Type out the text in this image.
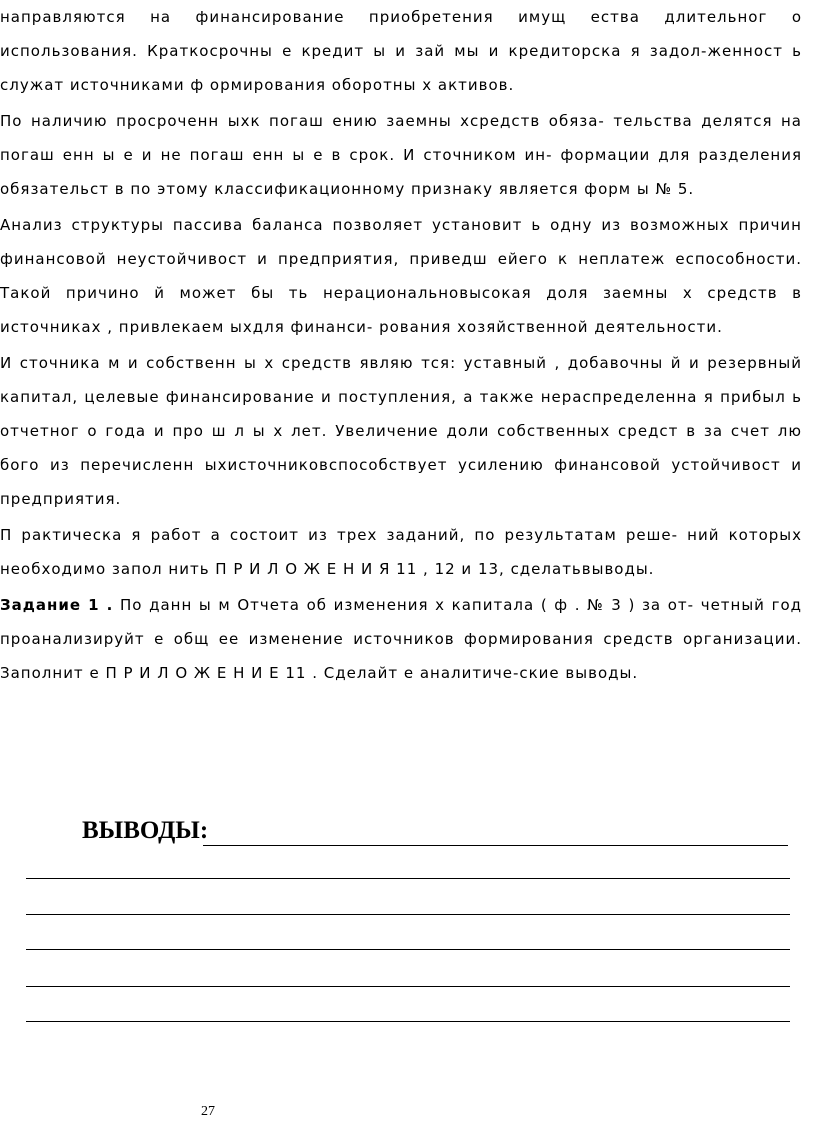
направляются на финансирование приобретения имущ ества длительног о использования. Краткосрочны е кредит ы и зай мы и кредиторска я задол-женност ь служат источниками ф ормирования оборотны х активов.

По наличию просроченн ыхк погаш ению заемны хсредств обяза- тельства делятся на погаш енн ы е и не погаш енн ы е в срок. И сточником ин- формации для разделения обязательст в по этому классификационному признаку является форм ы № 5.

Анализ структуры пассива баланса позволяет установит ь одну из возможных причин финансовой неустойчивост и предприятия, приведш ейего к неплатеж еспособности. Такой причино й может бы ть нерациональновысокая доля заемны х средств в источниках , привлекаем ыхдля финанси- рования хозяйственной деятельности.

И сточника м и собственн ы х средств являю тся: уставный , добавочны й и резервный капитал, целевые финансирование и поступления, а также нераспределенна я прибыл ь отчетног о года и про ш л ы х лет. Увеличение доли собственных средст в за счет лю бого из перечисленн ыхисточниковспособствует усилению финансовой устойчивост и предприятия.

П рактическа я работ а состоит из трех заданий, по результатам реше- ний которых необходимо запол нить П Р И Л О Ж Е Н И Я 11 , 12 и 13, сделатьвыводы.

Задание 1 . По данн ы м Отчета об изменения х капитала ( ф . № 3 ) за от- четный год проанализируйт е общ ее изменение источников формирования средств организации. Заполнит е П Р И Л О Ж Е Н И Е 11 . Сделайт е аналитиче-ские выводы.

ВЫВОДЫ:
27
